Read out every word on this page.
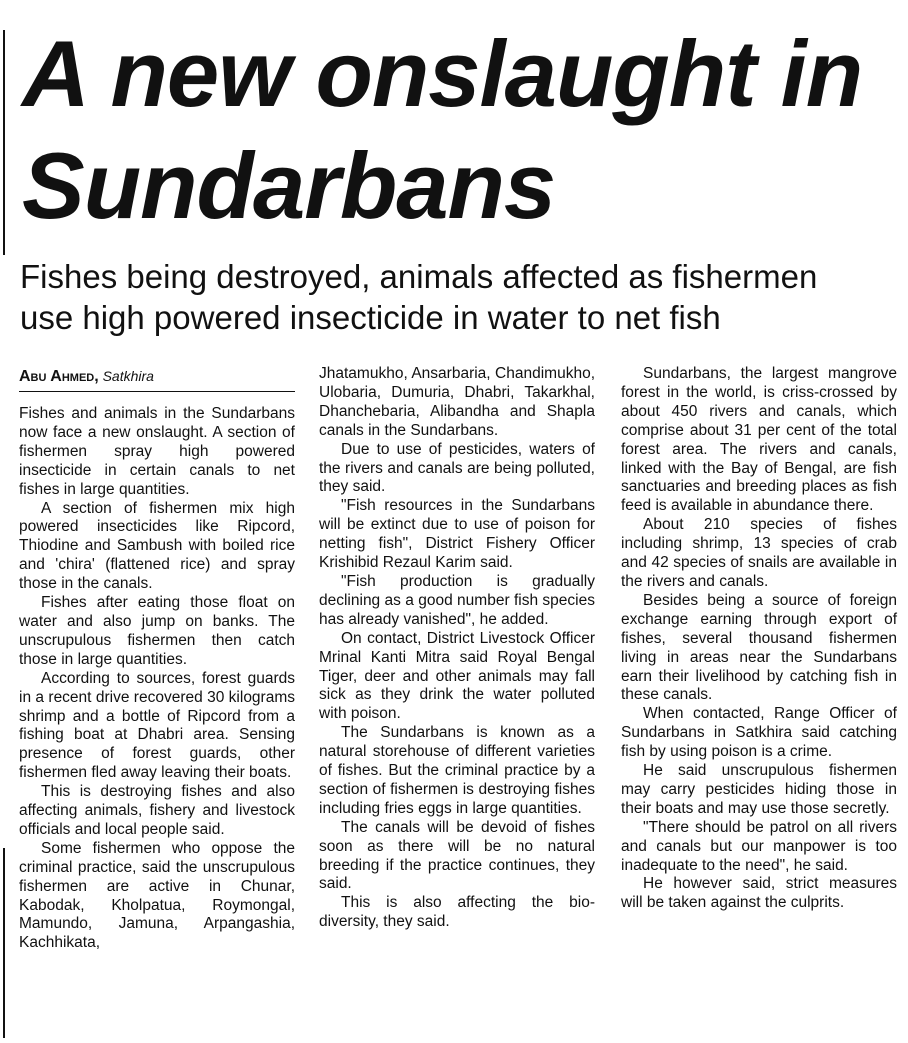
A new onslaught in
Sundarbans
Fishes being destroyed, animals affected as fishermen
use high powered insecticide in water to net fish
Abu Ahmed, Satkhira

Fishes and animals in the Sundarbans now face a new onslaught. A section of fishermen spray high powered insecticide in certain canals to net fishes in large quantities.

A section of fishermen mix high powered insecticides like Ripcord, Thiodine and Sambush with boiled rice and 'chira' (flattened rice) and spray those in the canals.

Fishes after eating those float on water and also jump on banks. The unscrupulous fishermen then catch those in large quantities.

According to sources, forest guards in a recent drive recovered 30 kilograms shrimp and a bottle of Ripcord from a fishing boat at Dhabri area. Sensing presence of forest guards, other fishermen fled away leaving their boats.

This is destroying fishes and also affecting animals, fishery and livestock officials and local people said.

Some fishermen who oppose the criminal practice, said the unscrupulous fishermen are active in Chunar, Kabodak, Kholpatua, Roymongal, Mamundo, Jamuna, Arpangashia, Kachhikata,

Jhatamukho, Ansarbaria, Chandimukho, Ulobaria, Dumuria, Dhabri, Takarkhal, Dhanchebaria, Alibandha and Shapla canals in the Sundarbans.

Due to use of pesticides, waters of the rivers and canals are being polluted, they said.

"Fish resources in the Sundarbans will be extinct due to use of poison for netting fish", District Fishery Officer Krishibid Rezaul Karim said.

"Fish production is gradually declining as a good number fish species has already vanished", he added.

On contact, District Livestock Officer Mrinal Kanti Mitra said Royal Bengal Tiger, deer and other animals may fall sick as they drink the water polluted with poison.

The Sundarbans is known as a natural storehouse of different varieties of fishes. But the criminal practice by a section of fishermen is destroying fishes including fries eggs in large quantities.

The canals will be devoid of fishes soon as there will be no natural breeding if the practice continues, they said.

This is also affecting the bio-diversity, they said.

Sundarbans, the largest mangrove forest in the world, is criss-crossed by about 450 rivers and canals, which comprise about 31 per cent of the total forest area. The rivers and canals, linked with the Bay of Bengal, are fish sanctuaries and breeding places as fish feed is available in abundance there.

About 210 species of fishes including shrimp, 13 species of crab and 42 species of snails are available in the rivers and canals.

Besides being a source of foreign exchange earning through export of fishes, several thousand fishermen living in areas near the Sundarbans earn their livelihood by catching fish in these canals.

When contacted, Range Officer of Sundarbans in Satkhira said catching fish by using poison is a crime.

He said unscrupulous fishermen may carry pesticides hiding those in their boats and may use those secretly.

"There should be patrol on all rivers and canals but our manpower is too inadequate to the need", he said.

He however said, strict measures will be taken against the culprits.
